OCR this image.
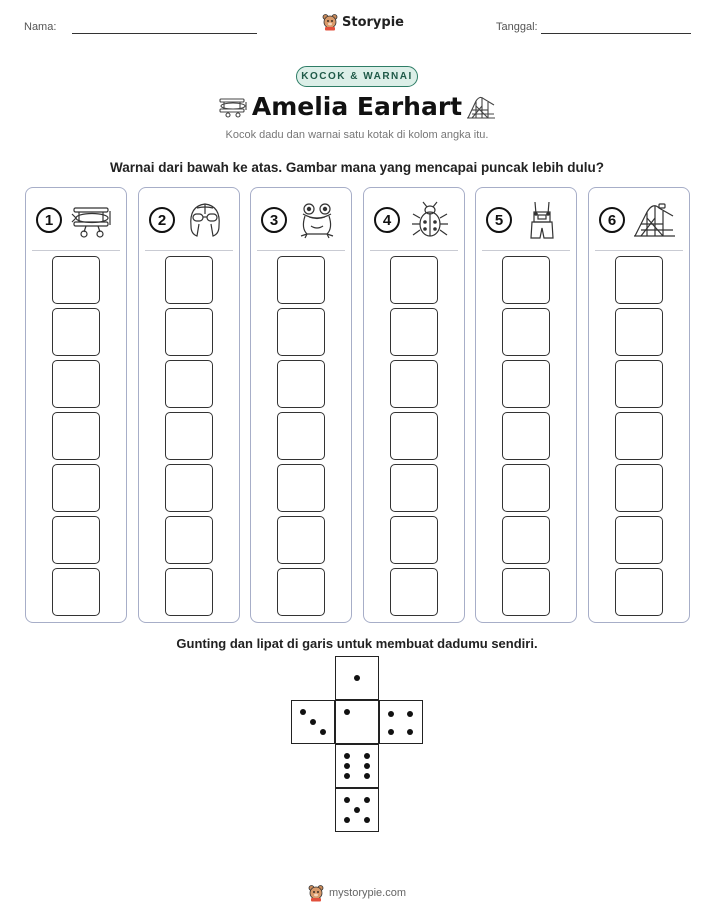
Nama:	Storypie	Tanggal:
KOCOK & WARNAI
Amelia Earhart
Kocok dadu dan warnai satu kotak di kolom angka itu.
Warnai dari bawah ke atas. Gambar mana yang mencapai puncak lebih dulu?
1	2	3	4	5	6
Gunting dan lipat di garis untuk membuat dadumu sendiri.
mystorypie.com
